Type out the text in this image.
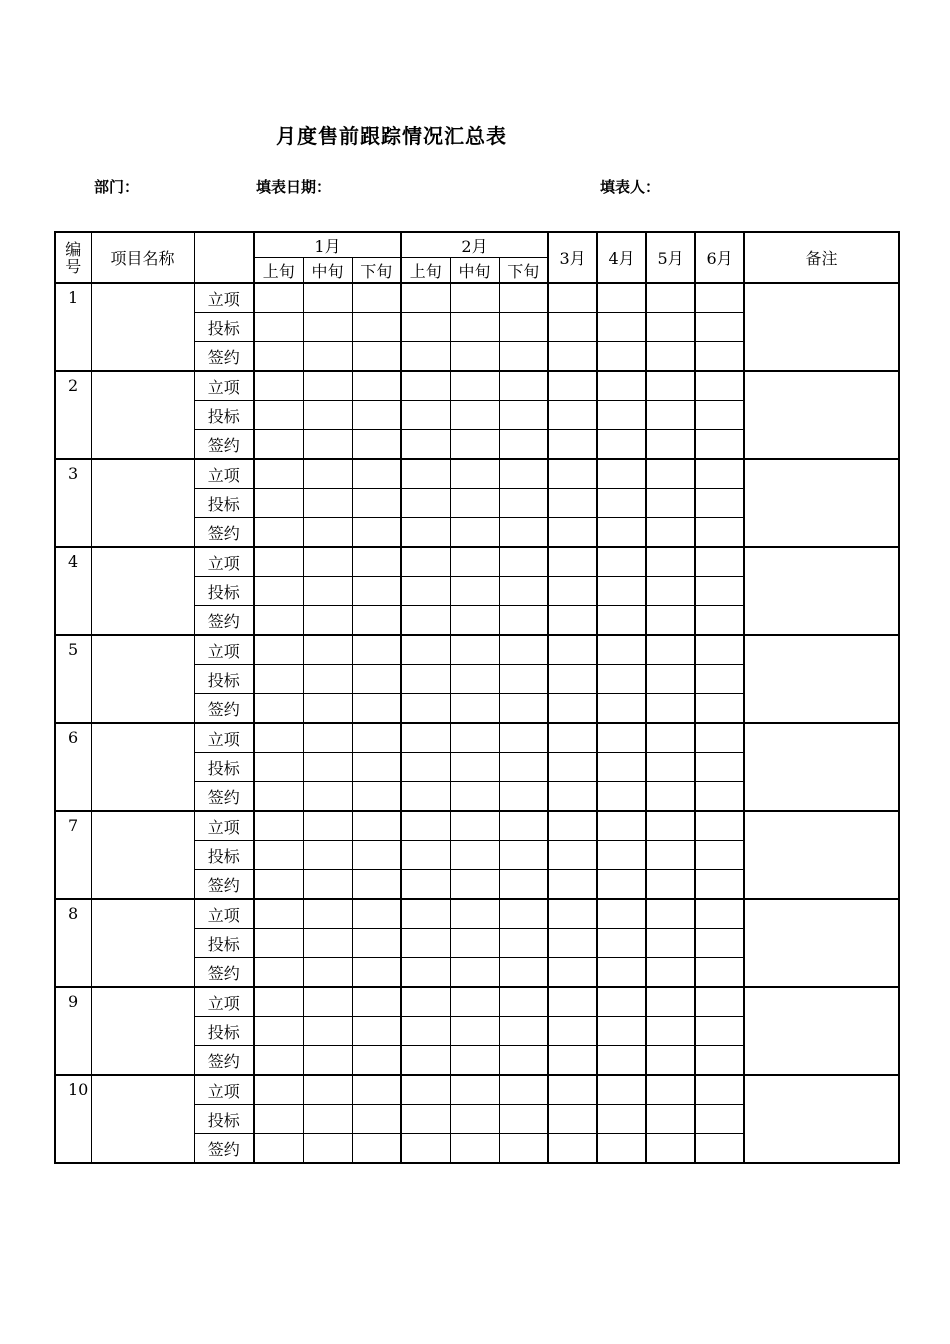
月度售前跟踪情况汇总表
部门：	填表日期：	填表人：
编
号	项目名称		1月			2月			3月	4月	5月	6月	备注
			上旬	中旬	下旬	上旬	中旬	下旬					
1		立项											
		投标											
		签约											
2		立项											
		投标											
		签约											
3		立项											
		投标											
		签约											
4		立项											
		投标											
		签约											
5		立项											
		投标											
		签约											
6		立项											
		投标											
		签约											
7		立项											
		投标											
		签约											
8		立项											
		投标											
		签约											
9		立项											
		投标											
		签约											
10		立项											
		投标											
		签约											
